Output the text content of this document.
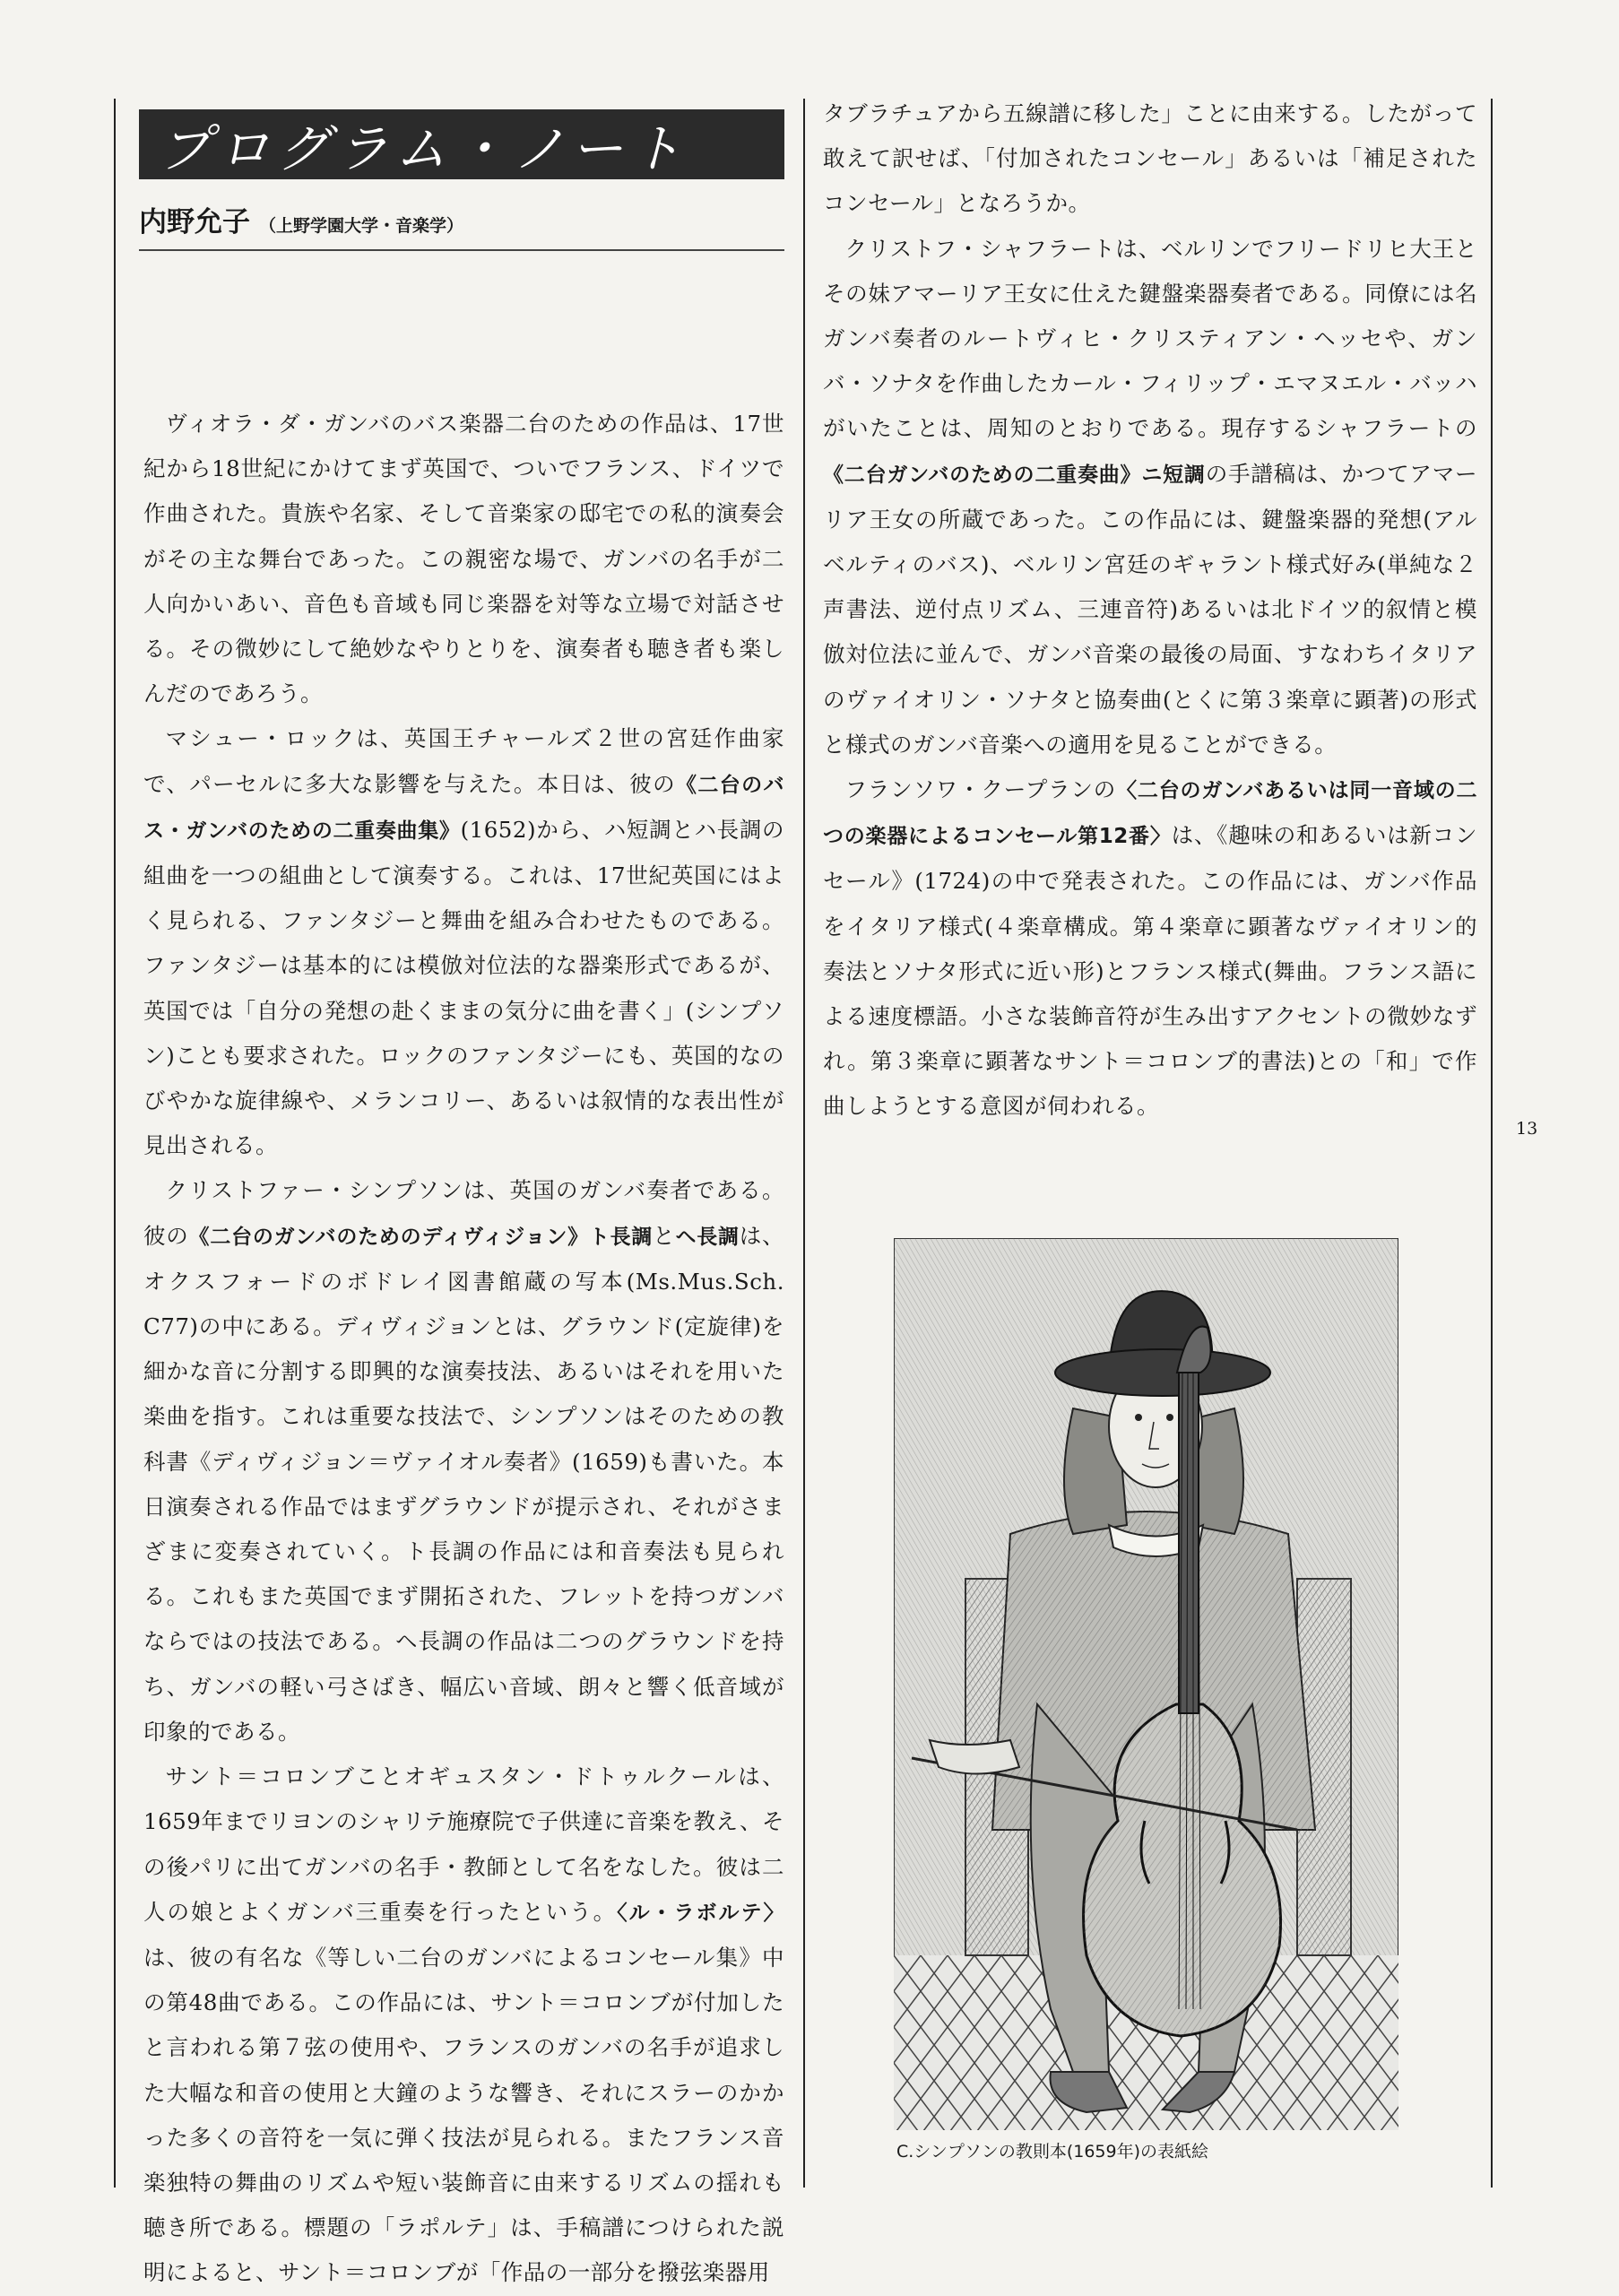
プログラム・ノート
内野允子 （上野学園大学・音楽学）

ヴィオラ・ダ・ガンバのバス楽器二台のための作品は、17世紀から18世紀にかけてまず英国で、ついでフランス、ドイツで作曲された。貴族や名家、そして音楽家の邸宅での私的演奏会がその主な舞台であった。この親密な場で、ガンバの名手が二人向かいあい、音色も音域も同じ楽器を対等な立場で対話させる。その微妙にして絶妙なやりとりを、演奏者も聴き者も楽しんだのであろう。

マシュー・ロックは、英国王チャールズ２世の宮廷作曲家で、パーセルに多大な影響を与えた。本日は、彼の《二台のバス・ガンバのための二重奏曲集》(1652)から、ハ短調とハ長調の組曲を一つの組曲として演奏する。これは、17世紀英国にはよく見られる、ファンタジーと舞曲を組み合わせたものである。ファンタジーは基本的には模倣対位法的な器楽形式であるが、英国では「自分の発想の赴くままの気分に曲を書く」(シンプソン)ことも要求された。ロックのファンタジーにも、英国的なのびやかな旋律線や、メランコリー、あるいは叙情的な表出性が見出される。

クリストファー・シンプソンは、英国のガンバ奏者である。彼の《二台のガンバのためのディヴィジョン》ト長調とヘ長調は、オクスフォードのボドレイ図書館蔵の写本(Ms.Mus.Sch. C77)の中にある。ディヴィジョンとは、グラウンド(定旋律)を細かな音に分割する即興的な演奏技法、あるいはそれを用いた楽曲を指す。これは重要な技法で、シンプソンはそのための教科書《ディヴィジョン＝ヴァイオル奏者》(1659)も書いた。本日演奏される作品ではまずグラウンドが提示され、それがさまざまに変奏されていく。ト長調の作品には和音奏法も見られる。これもまた英国でまず開拓された、フレットを持つガンバならではの技法である。ヘ長調の作品は二つのグラウンドを持ち、ガンバの軽い弓さばき、幅広い音域、朗々と響く低音域が印象的である。

サント＝コロンブことオギュスタン・ドトゥルクールは、1659年までリヨンのシャリテ施療院で子供達に音楽を教え、その後パリに出てガンバの名手・教師として名をなした。彼は二人の娘とよくガンバ三重奏を行ったという。〈ル・ラボルテ〉は、彼の有名な《等しい二台のガンバによるコンセール集》中の第48曲である。この作品には、サント＝コロンブが付加したと言われる第７弦の使用や、フランスのガンバの名手が追求した大幅な和音の使用と大鐘のような響き、それにスラーのかかった多くの音符を一気に弾く技法が見られる。またフランス音楽独特の舞曲のリズムや短い装飾音に由来するリズムの揺れも聴き所である。標題の「ラポルテ」は、手稿譜につけられた説明によると、サント＝コロンブが「作品の一部分を撥弦楽器用

タブラチュアから五線譜に移した」ことに由来する。したがって敢えて訳せば、「付加されたコンセール」あるいは「補足されたコンセール」となろうか。

クリストフ・シャフラートは、ベルリンでフリードリヒ大王とその妹アマーリア王女に仕えた鍵盤楽器奏者である。同僚には名ガンバ奏者のルートヴィヒ・クリスティアン・ヘッセや、ガンバ・ソナタを作曲したカール・フィリップ・エマヌエル・バッハがいたことは、周知のとおりである。現存するシャフラートの《二台ガンバのための二重奏曲》ニ短調の手譜稿は、かつてアマーリア王女の所蔵であった。この作品には、鍵盤楽器的発想(アルベルティのバス)、ベルリン宮廷のギャラント様式好み(単純な２声書法、逆付点リズム、三連音符)あるいは北ドイツ的叙情と模倣対位法に並んで、ガンバ音楽の最後の局面、すなわちイタリアのヴァイオリン・ソナタと協奏曲(とくに第３楽章に顕著)の形式と様式のガンバ音楽への適用を見ることができる。

フランソワ・クープランの〈二台のガンバあるいは同一音域の二つの楽器によるコンセール第12番〉は、《趣味の和あるいは新コンセール》(1724)の中で発表された。この作品には、ガンバ作品をイタリア様式(４楽章構成。第４楽章に顕著なヴァイオリン的奏法とソナタ形式に近い形)とフランス様式(舞曲。フランス語による速度標語。小さな装飾音符が生み出すアクセントの微妙なずれ。第３楽章に顕著なサント＝コロンブ的書法)との「和」で作曲しようとする意図が伺われる。

13
C.シンプソンの教則本(1659年)の表紙絵
